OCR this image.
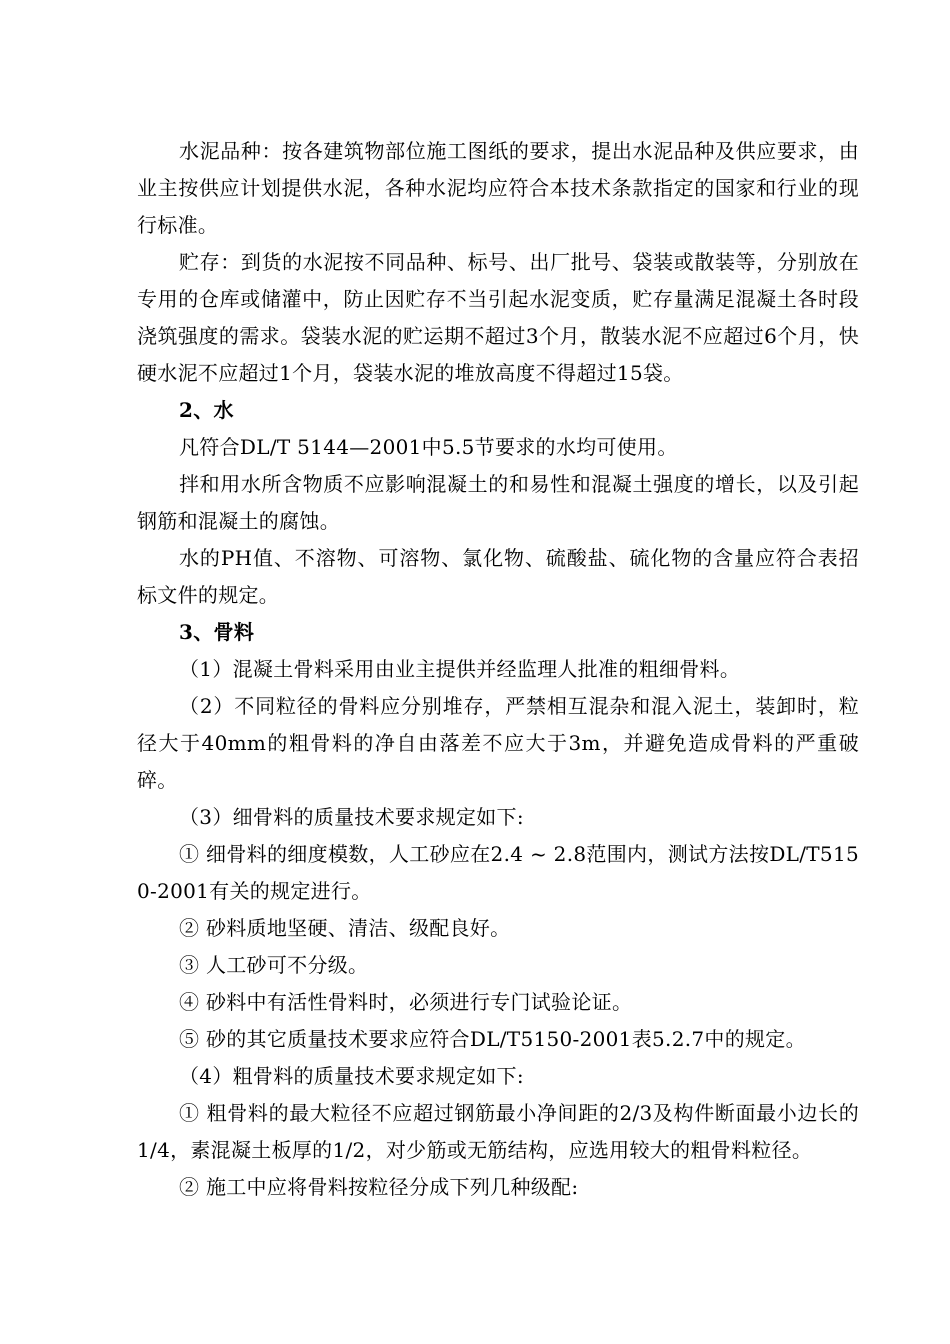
水泥品种：按各建筑物部位施工图纸的要求，提出水泥品种及供应要求，由业主按供应计划提供水泥，各种水泥均应符合本技术条款指定的国家和行业的现行标准。

贮存：到货的水泥按不同品种、标号、出厂批号、袋装或散装等，分别放在专用的仓库或储灌中，防止因贮存不当引起水泥变质，贮存量满足混凝土各时段浇筑强度的需求。袋装水泥的贮运期不超过3个月，散装水泥不应超过6个月，快硬水泥不应超过1个月，袋装水泥的堆放高度不得超过15袋。

2、水

凡符合DL/T 5144—2001中5.5节要求的水均可使用。

拌和用水所含物质不应影响混凝土的和易性和混凝土强度的增长，以及引起钢筋和混凝土的腐蚀。

水的PH值、不溶物、可溶物、氯化物、硫酸盐、硫化物的含量应符合表招标文件的规定。

3、骨料

（1）混凝土骨料采用由业主提供并经监理人批准的粗细骨料。

（2）不同粒径的骨料应分别堆存，严禁相互混杂和混入泥土，装卸时，粒径大于40mm的粗骨料的净自由落差不应大于3m，并避免造成骨料的严重破碎。

（3）细骨料的质量技术要求规定如下:

① 细骨料的细度模数，人工砂应在2.4 ~ 2.8范围内，测试方法按DL/T5150-2001有关的规定进行。

② 砂料质地坚硬、清洁、级配良好。

③ 人工砂可不分级。

④ 砂料中有活性骨料时，必须进行专门试验论证。

⑤ 砂的其它质量技术要求应符合DL/T5150-2001表5.2.7中的规定。

（4）粗骨料的质量技术要求规定如下:

① 粗骨料的最大粒径不应超过钢筋最小净间距的2/3及构件断面最小边长的1/4，素混凝土板厚的1/2，对少筋或无筋结构，应选用较大的粗骨料粒径。

② 施工中应将骨料按粒径分成下列几种级配:
